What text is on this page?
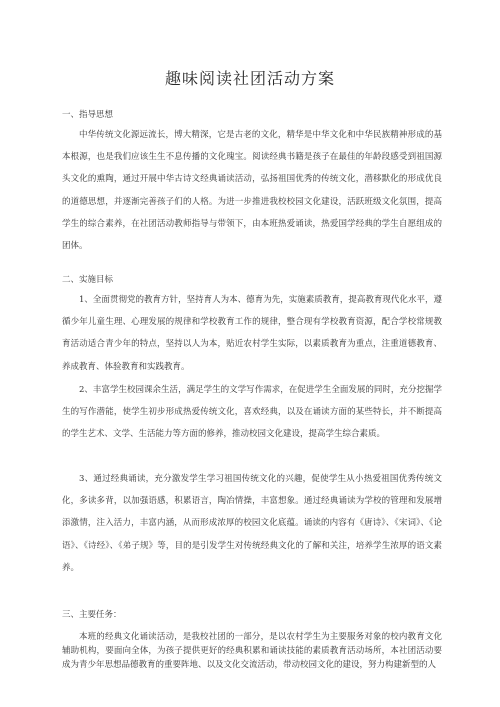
趣味阅读社团活动方案
一、指导思想

中华传统文化源远流长，博大精深，它是古老的文化，精华是中华文化和中华民族精神形成的基本根源，也是我们应该生生不息传播的文化瑰宝。阅读经典书籍是孩子在最佳的年龄段感受到祖国源头文化的熏陶，通过开展中华古诗文经典诵读活动，弘扬祖国优秀的传统文化，潜移默化的形成优良的道德思想，并逐渐完善孩子们的人格。为进一步推进我校校园文化建设，活跃班级文化氛围，提高学生的综合素养，在社团活动教师指导与带领下，由本班热爱诵读，热爱国学经典的学生自愿组成的团体。

二、实施目标

1、全面贯彻党的教育方针，坚持育人为本、德育为先，实施素质教育，提高教育现代化水平，遵循少年儿童生理、心理发展的规律和学校教育工作的规律，整合现有学校教育资源，配合学校常规教育活动适合青少年的特点，坚持以人为本，贴近农村学生实际，以素质教育为重点，注重道德教育、养成教育、体验教育和实践教育。

2、丰富学生校园课余生活，满足学生的文学写作需求，在促进学生全面发展的同时，充分挖掘学生的写作潜能，使学生初步形成热爱传统文化，喜欢经典，以及在诵读方面的某些特长，并不断提高的学生艺术、文学、生活能力等方面的修养，推动校园文化建设，提高学生综合素质。

3、通过经典诵读，充分激发学生学习祖国传统文化的兴趣，促使学生从小热爱祖国优秀传统文化，多读多背，以加强语感，积累语言，陶冶情操，丰富想象。通过经典诵读为学校的管理和发展增添激情，注入活力，丰富内涵，从而形成浓厚的校园文化底蕴。诵读的内容有《唐诗》、《宋词》、《论语》、《诗经》、《弟子规》等，目的是引发学生对传统经典文化的了解和关注，培养学生浓厚的语文素养。

三、主要任务：

本班的经典文化诵读活动，是我校社团的一部分，是以农村学生为主要服务对象的校内教育文化辅助机构，要面向全体，为孩子提供更好的经典积累和诵读技能的素质教育活动场所，本社团活动要成为青少年思想品德教育的重要阵地、以及文化交流活动，带动校园文化的建设，努力构建新型的人
